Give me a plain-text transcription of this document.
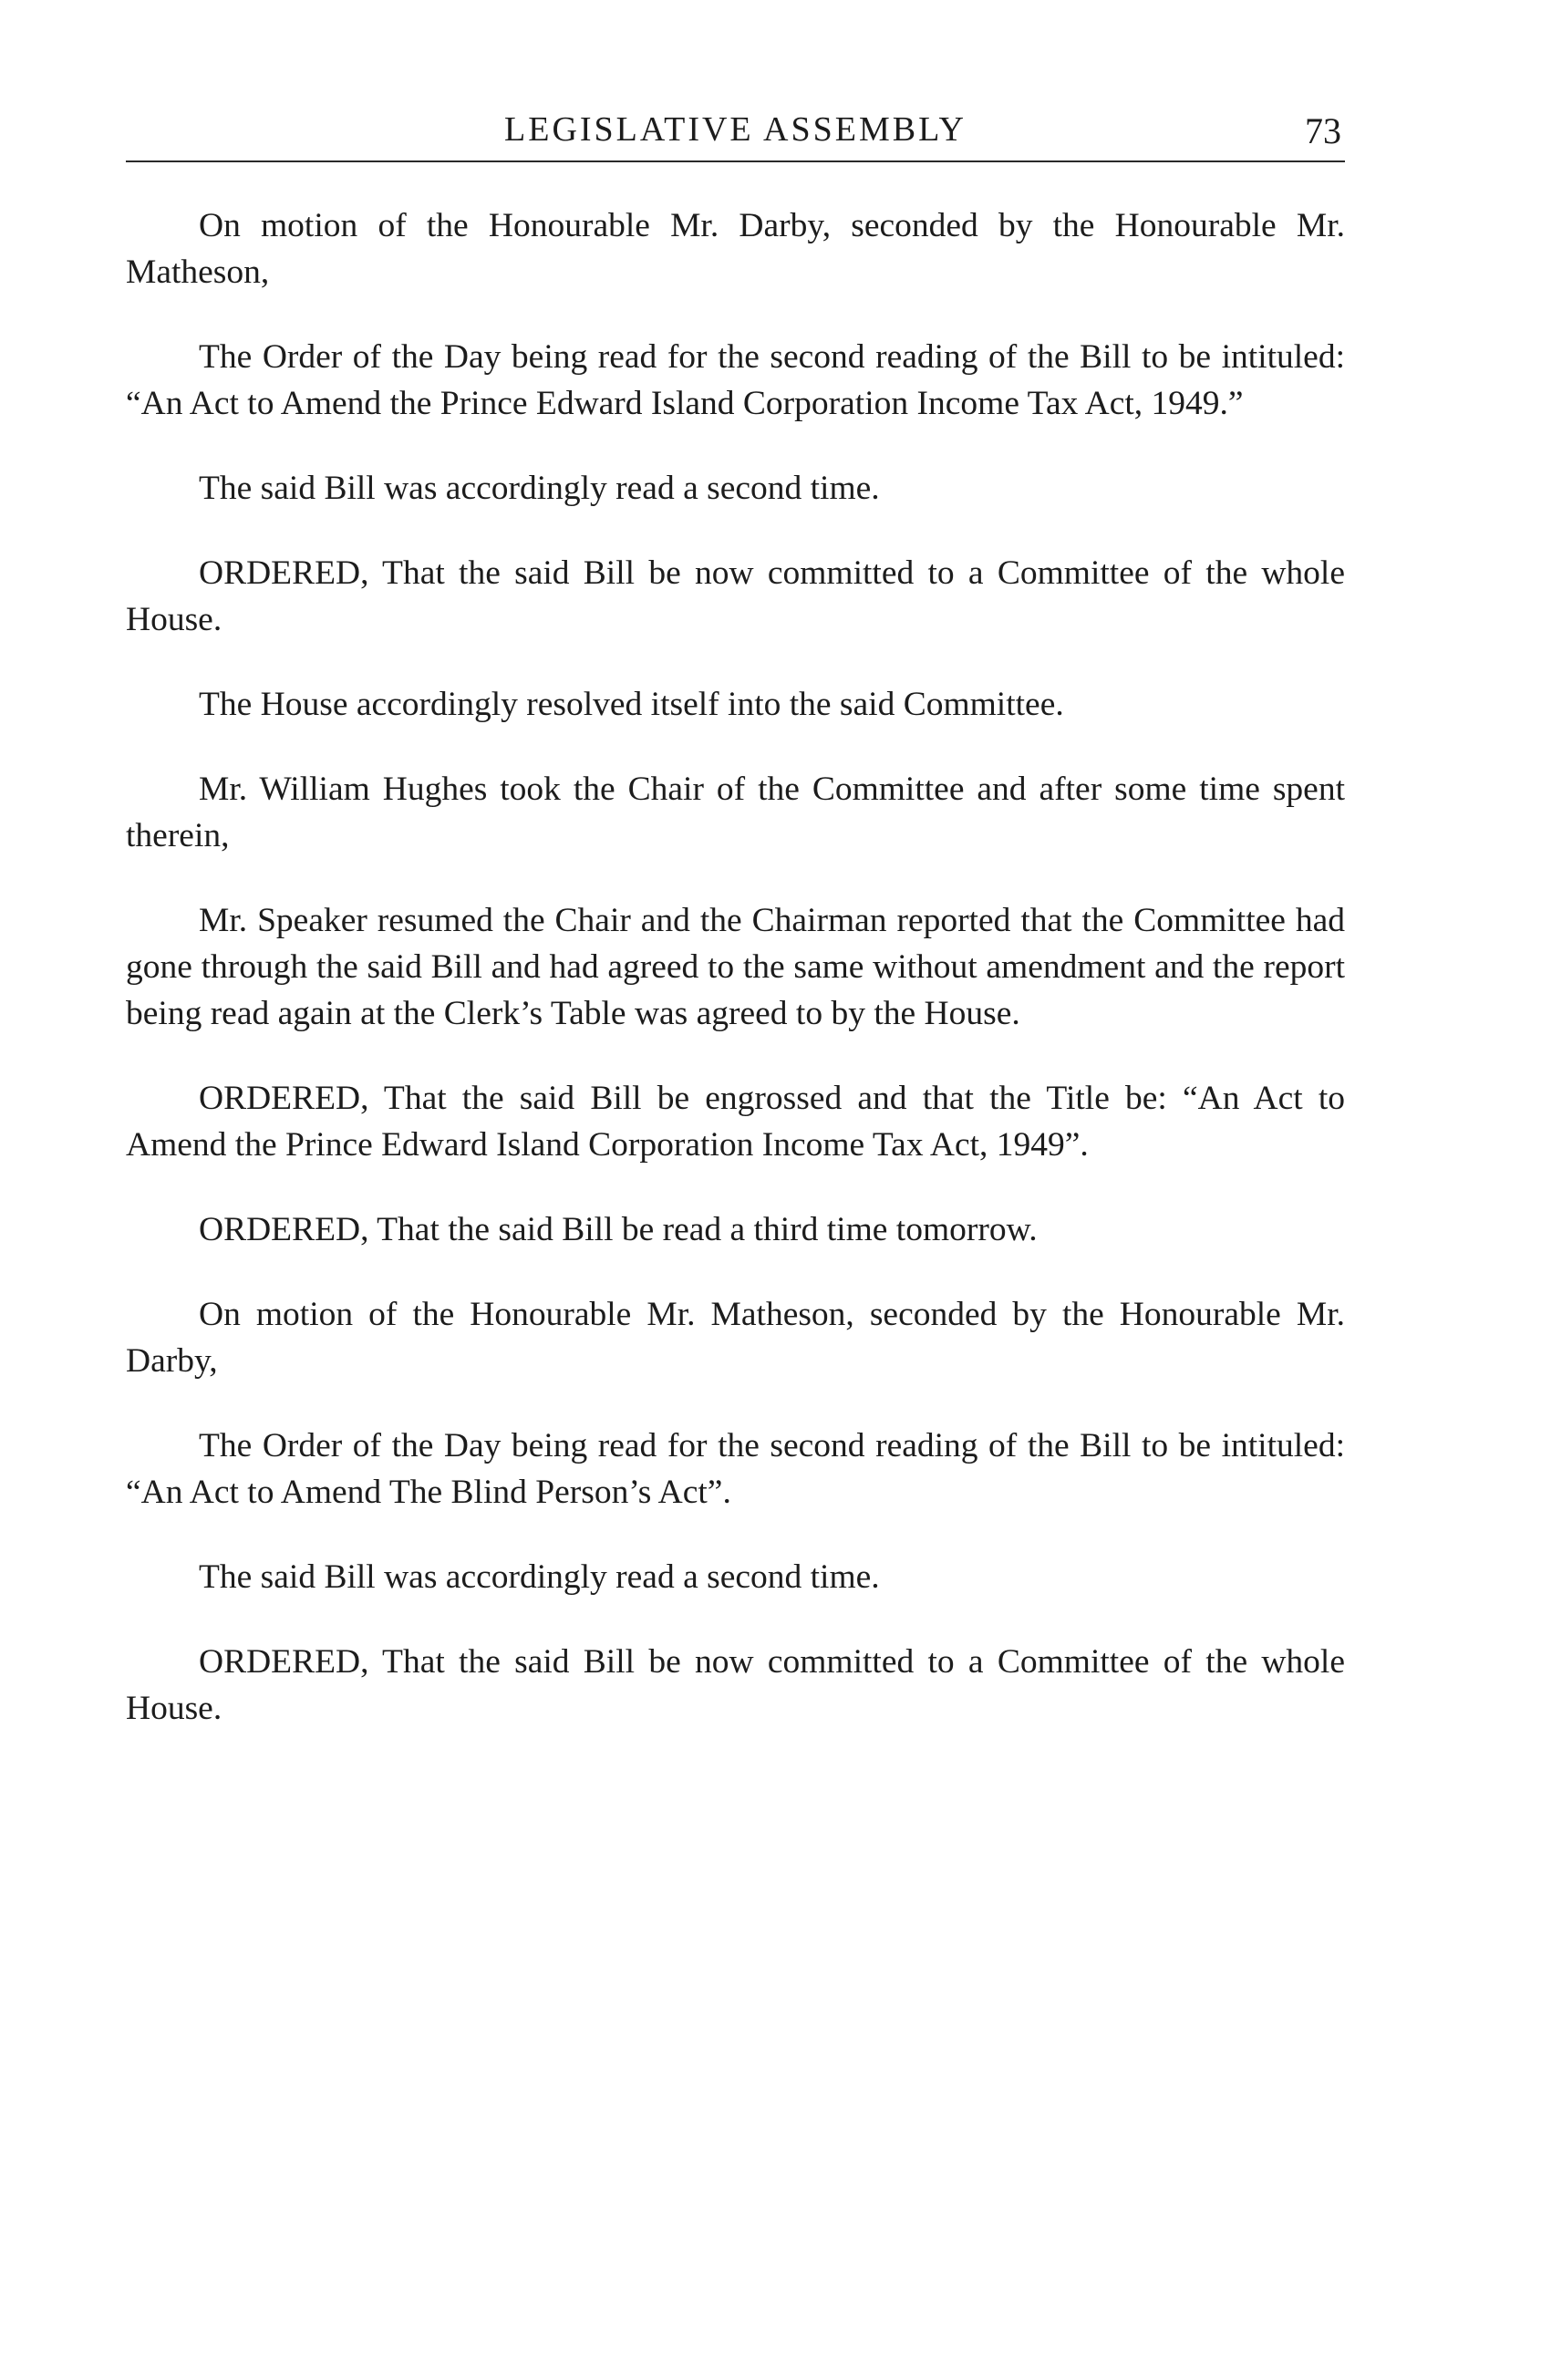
LEGISLATIVE ASSEMBLY	73

On motion of the Honourable Mr. Darby, seconded by the Honourable Mr. Matheson,

The Order of the Day being read for the second reading of the Bill to be intituled: “An Act to Amend the Prince Edward Island Corporation Income Tax Act, 1949.”

The said Bill was accordingly read a second time.

ORDERED, That the said Bill be now committed to a Committee of the whole House.

The House accordingly resolved itself into the said Committee.

Mr. William Hughes took the Chair of the Committee and after some time spent therein,

Mr. Speaker resumed the Chair and the Chairman reported that the Committee had gone through the said Bill and had agreed to the same without amendment and the report being read again at the Clerk’s Table was agreed to by the House.

ORDERED, That the said Bill be engrossed and that the Title be: “An Act to Amend the Prince Edward Island Corporation Income Tax Act, 1949”.

ORDERED, That the said Bill be read a third time tomorrow.

On motion of the Honourable Mr. Matheson, seconded by the Honourable Mr. Darby,

The Order of the Day being read for the second reading of the Bill to be intituled: “An Act to Amend The Blind Person’s Act”.

The said Bill was accordingly read a second time.

ORDERED, That the said Bill be now committed to a Committee of the whole House.
